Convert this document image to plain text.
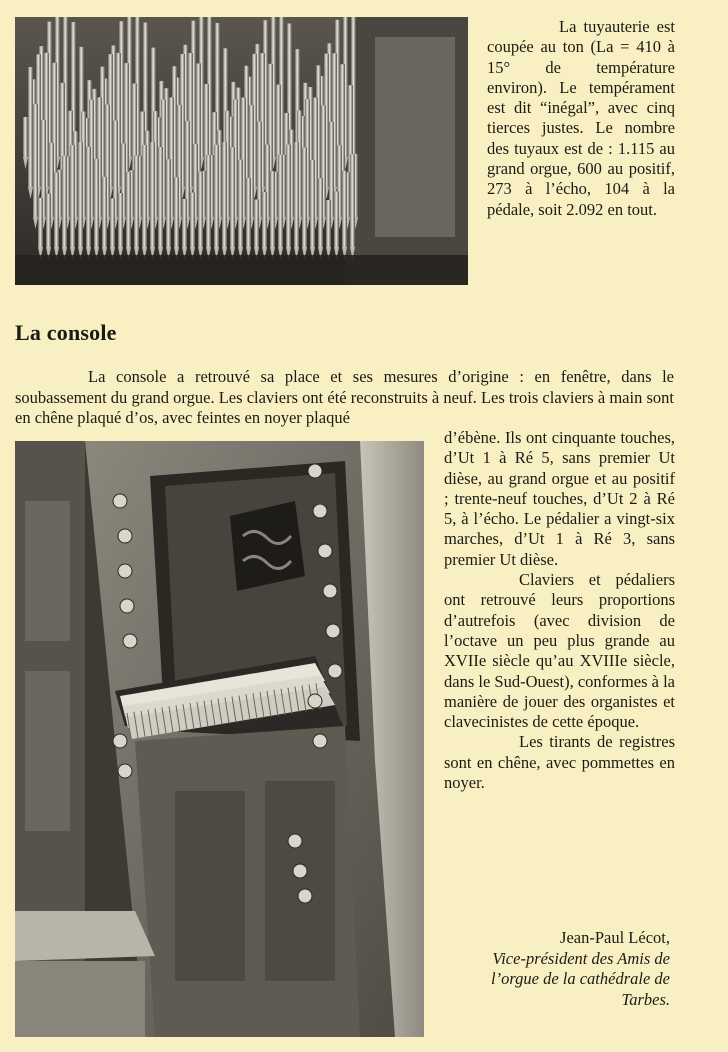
La tuyauterie est coupée au ton (La = 410 à 15° de température environ). Le tempérament est dit “inégal”, avec cinq tierces justes. Le nombre des tuyaux est de : 1.115 au grand orgue, 600 au positif, 273 à l’écho, 104 à la pédale, soit 2.092 en tout.
La console
La console a retrouvé sa place et ses mesures d’origine : en fenêtre, dans le soubassement du grand orgue. Les claviers ont été reconstruits à neuf. Les trois claviers à main sont en chêne plaqué d’os, avec feintes en noyer plaqué

d’ébène. Ils ont cinquante touches, d’Ut 1 à Ré 5, sans premier Ut dièse, au grand orgue et au positif ; trente-neuf touches, d’Ut 2 à Ré 5, à l’écho. Le pédalier a vingt-six marches, d’Ut 1 à Ré 3, sans premier Ut dièse.

Claviers et pédaliers ont retrouvé leurs proportions d’autrefois (avec division de l’octave un peu plus grande au XVIIe siècle qu’au XVIIIe siècle, dans le Sud-Ouest), conformes à la manière de jouer des organistes et clavecinistes de cette époque.

Les tirants de registres sont en chêne, avec pommettes en noyer.

Jean-Paul Lécot,
Vice-président des Amis de
l’orgue de la cathédrale de
Tarbes.
